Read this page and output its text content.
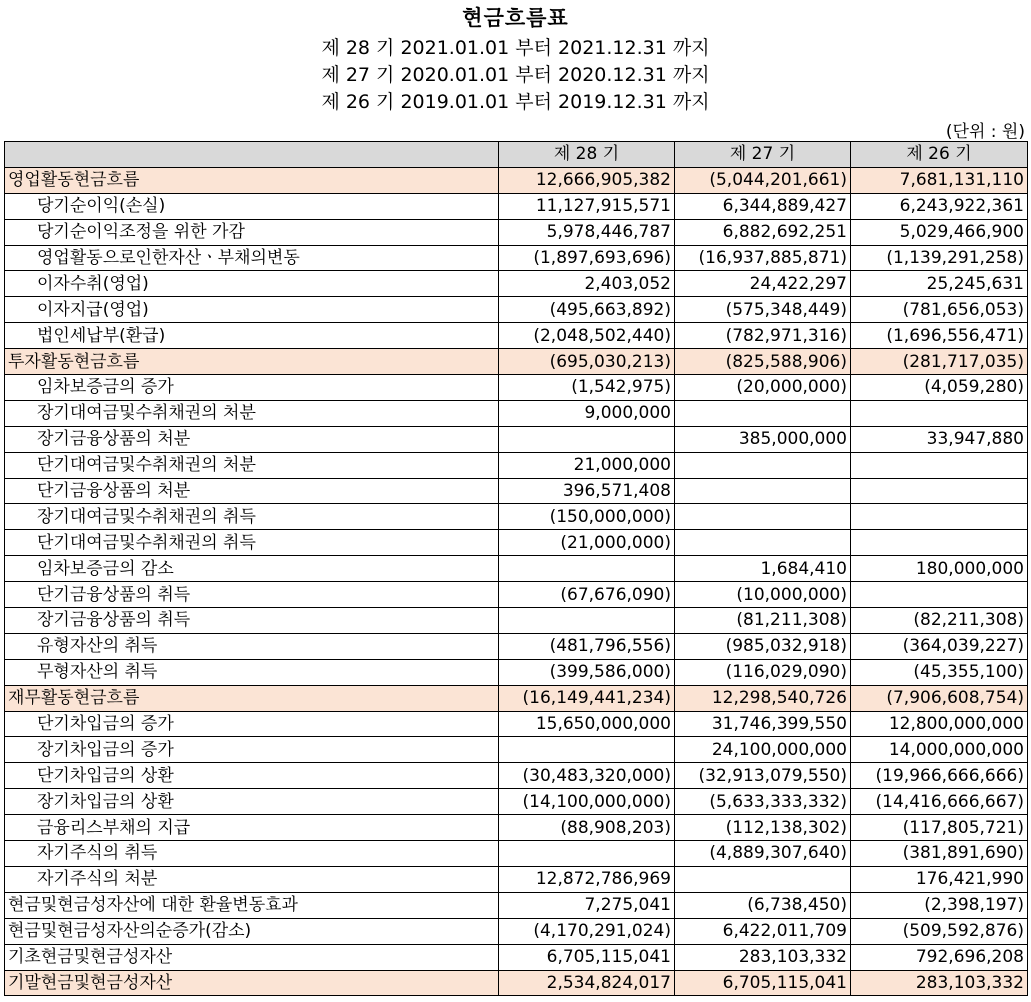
현금흐름표
제 28 기 2021.01.01 부터 2021.12.31 까지
제 27 기 2020.01.01 부터 2020.12.31 까지
제 26 기 2019.01.01 부터 2019.12.31 까지
(단위 : 원)
	제 28 기	제 27 기	제 26 기
영업활동현금흐름	12,666,905,382	(5,044,201,661)	7,681,131,110
당기순이익(손실)	11,127,915,571	6,344,889,427	6,243,922,361
당기순이익조정을 위한 가감	5,978,446,787	6,882,692,251	5,029,466,900
영업활동으로인한자산ㆍ부채의변동	(1,897,693,696)	(16,937,885,871)	(1,139,291,258)
이자수취(영업)	2,403,052	24,422,297	25,245,631
이자지급(영업)	(495,663,892)	(575,348,449)	(781,656,053)
법인세납부(환급)	(2,048,502,440)	(782,971,316)	(1,696,556,471)
투자활동현금흐름	(695,030,213)	(825,588,906)	(281,717,035)
임차보증금의 증가	(1,542,975)	(20,000,000)	(4,059,280)
장기대여금및수취채권의 처분	9,000,000		
장기금융상품의 처분		385,000,000	33,947,880
단기대여금및수취채권의 처분	21,000,000		
단기금융상품의 처분	396,571,408		
장기대여금및수취채권의 취득	(150,000,000)		
단기대여금및수취채권의 취득	(21,000,000)		
임차보증금의 감소		1,684,410	180,000,000
단기금융상품의 취득	(67,676,090)	(10,000,000)	
장기금융상품의 취득		(81,211,308)	(82,211,308)
유형자산의 취득	(481,796,556)	(985,032,918)	(364,039,227)
무형자산의 취득	(399,586,000)	(116,029,090)	(45,355,100)
재무활동현금흐름	(16,149,441,234)	12,298,540,726	(7,906,608,754)
단기차입금의 증가	15,650,000,000	31,746,399,550	12,800,000,000
장기차입금의 증가		24,100,000,000	14,000,000,000
단기차입금의 상환	(30,483,320,000)	(32,913,079,550)	(19,966,666,666)
장기차입금의 상환	(14,100,000,000)	(5,633,333,332)	(14,416,666,667)
금융리스부채의 지급	(88,908,203)	(112,138,302)	(117,805,721)
자기주식의 취득		(4,889,307,640)	(381,891,690)
자기주식의 처분	12,872,786,969		176,421,990
현금및현금성자산에 대한 환율변동효과	7,275,041	(6,738,450)	(2,398,197)
현금및현금성자산의순증가(감소)	(4,170,291,024)	6,422,011,709	(509,592,876)
기초현금및현금성자산	6,705,115,041	283,103,332	792,696,208
기말현금및현금성자산	2,534,824,017	6,705,115,041	283,103,332
